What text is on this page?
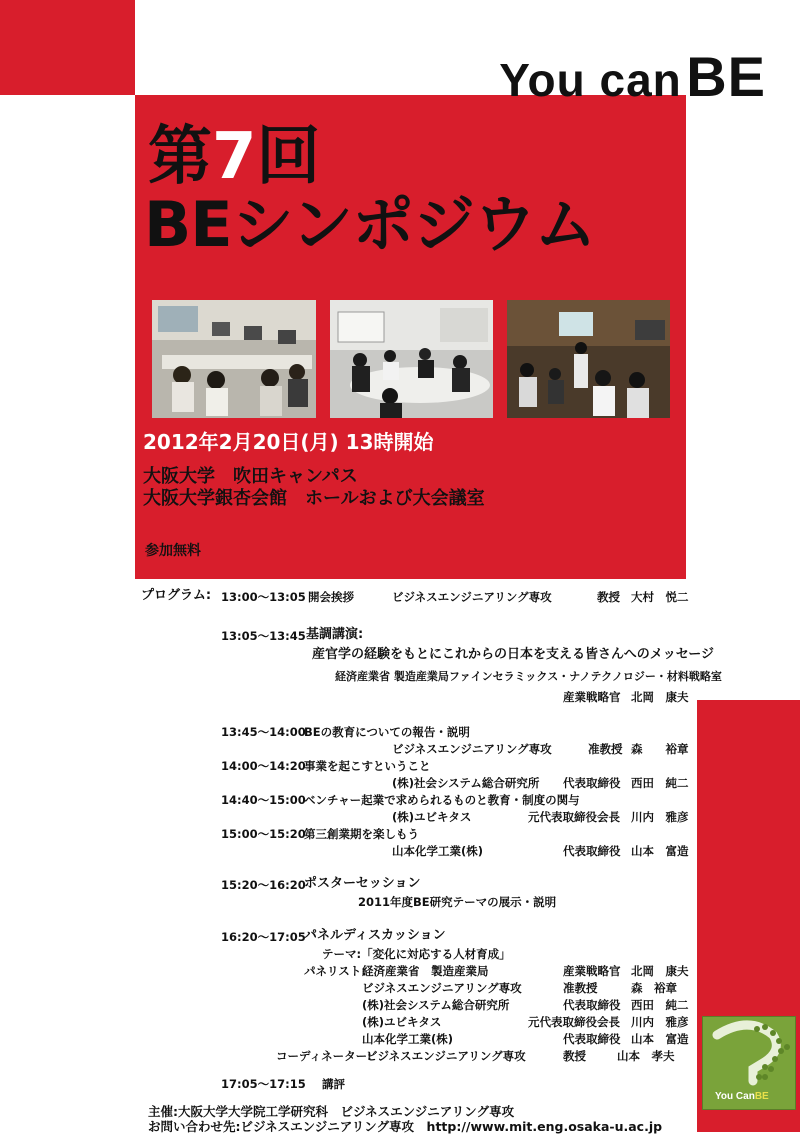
You can BE
第7回
BEシンポジウム
2012年2月20日(月) 13時開始
大阪大学　吹田キャンパス
大阪大学銀杏会館　ホールおよび大会議室
参加無料
プログラム: 13:00～13:05 開会挨拶	ビジネスエンジニアリング専攻	教授 大村　悦二
13:05～13:45 基調講演:
産官学の経験をもとにこれからの日本を支える皆さんへのメッセージ
経済産業省 製造産業局ファインセラミックス・ナノテクノロジー・材料戦略室
産業戦略官 北岡　康夫
13:45～14:00
BEの教育についての報告・説明
ビジネスエンジニアリング専攻	准教授 森　　裕章
14:00～14:20
事業を起こすということ
(株)社会システム総合研究所 代表取締役 西田　純二
14:40～15:00
ベンチャー起業で求められるものと教育・制度の関与
(株)ユビキタス	元代表取締役会長 川内　雅彦
15:00～15:20
第三創業期を楽しもう
山本化学工業(株)	代表取締役 山本　富造
15:20～16:20
ポスターセッション
2011年度BE研究テーマの展示・説明
16:20～17:05
パネルディスカッション
テーマ:「変化に対応する人材育成」
パネリスト:
経済産業省　製造産業局	産業戦略官 北岡　康夫
ビジネスエンジニアリング専攻	准教授	森　裕章
(株)社会システム総合研究所	代表取締役 西田　純二
(株)ユビキタス	元代表取締役会長 川内　雅彦
山本化学工業(株)	代表取締役 山本　富造
コーディネーター:
ビジネスエンジニアリング専攻	教授	山本　孝夫
17:05～17:15 講評
主催:大阪大学大学院工学研究科　ビジネスエンジニアリング専攻
お問い合わせ先:ビジネスエンジニアリング専攻　http://www.mit.eng.osaka-u.ac.jp
You CanBE
